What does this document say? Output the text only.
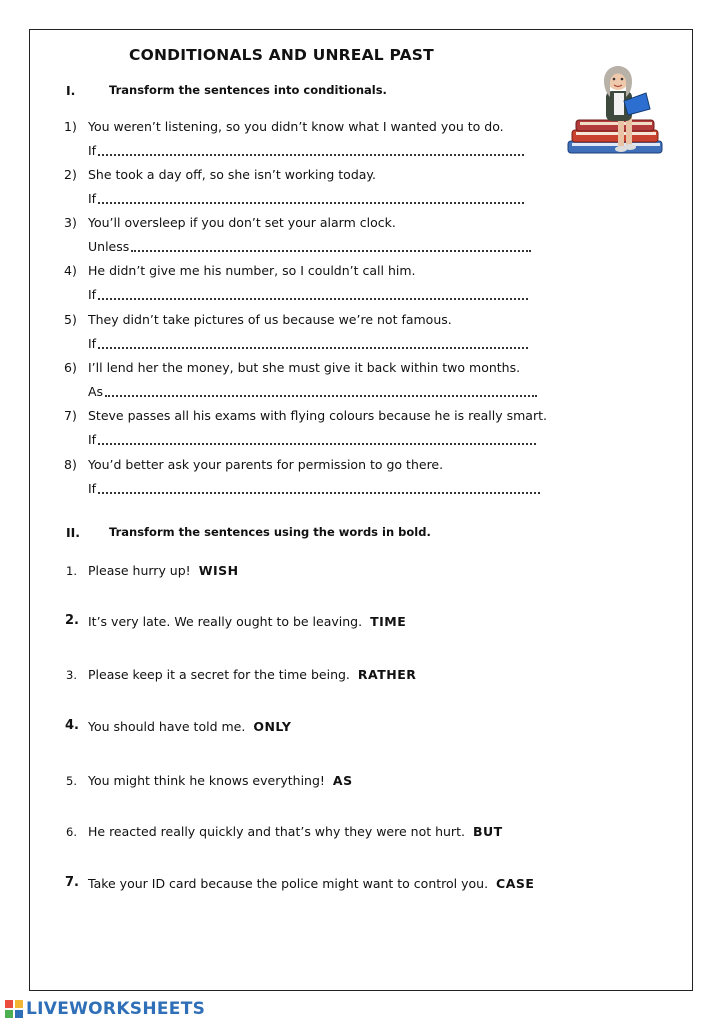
CONDITIONALS AND UNREAL PAST
I.	Transform the sentences into conditionals.
1) You weren’t listening, so you didn’t know what I wanted you to do.
If
2) She took a day off, so she isn’t working today.
If
3) You’ll oversleep if you don’t set your alarm clock.
Unless
4) He didn’t give me his number, so I couldn’t call him.
If
5) They didn’t take pictures of us because we’re not famous.
If
6) I’ll lend her the money, but she must give it back within two months.
As
7) Steve passes all his exams with flying colours because he is really smart.
If
8) You’d better ask your parents for permission to go there.
If
II.	Transform the sentences using the words in bold.
1. Please hurry up! WISH
2. It’s very late. We really ought to be leaving. TIME
3. Please keep it a secret for the time being. RATHER
4. You should have told me. ONLY
5. You might think he knows everything! AS
6. He reacted really quickly and that’s why they were not hurt. BUT
7. Take your ID card because the police might want to control you. CASE
LIVEWORKSHEETS
